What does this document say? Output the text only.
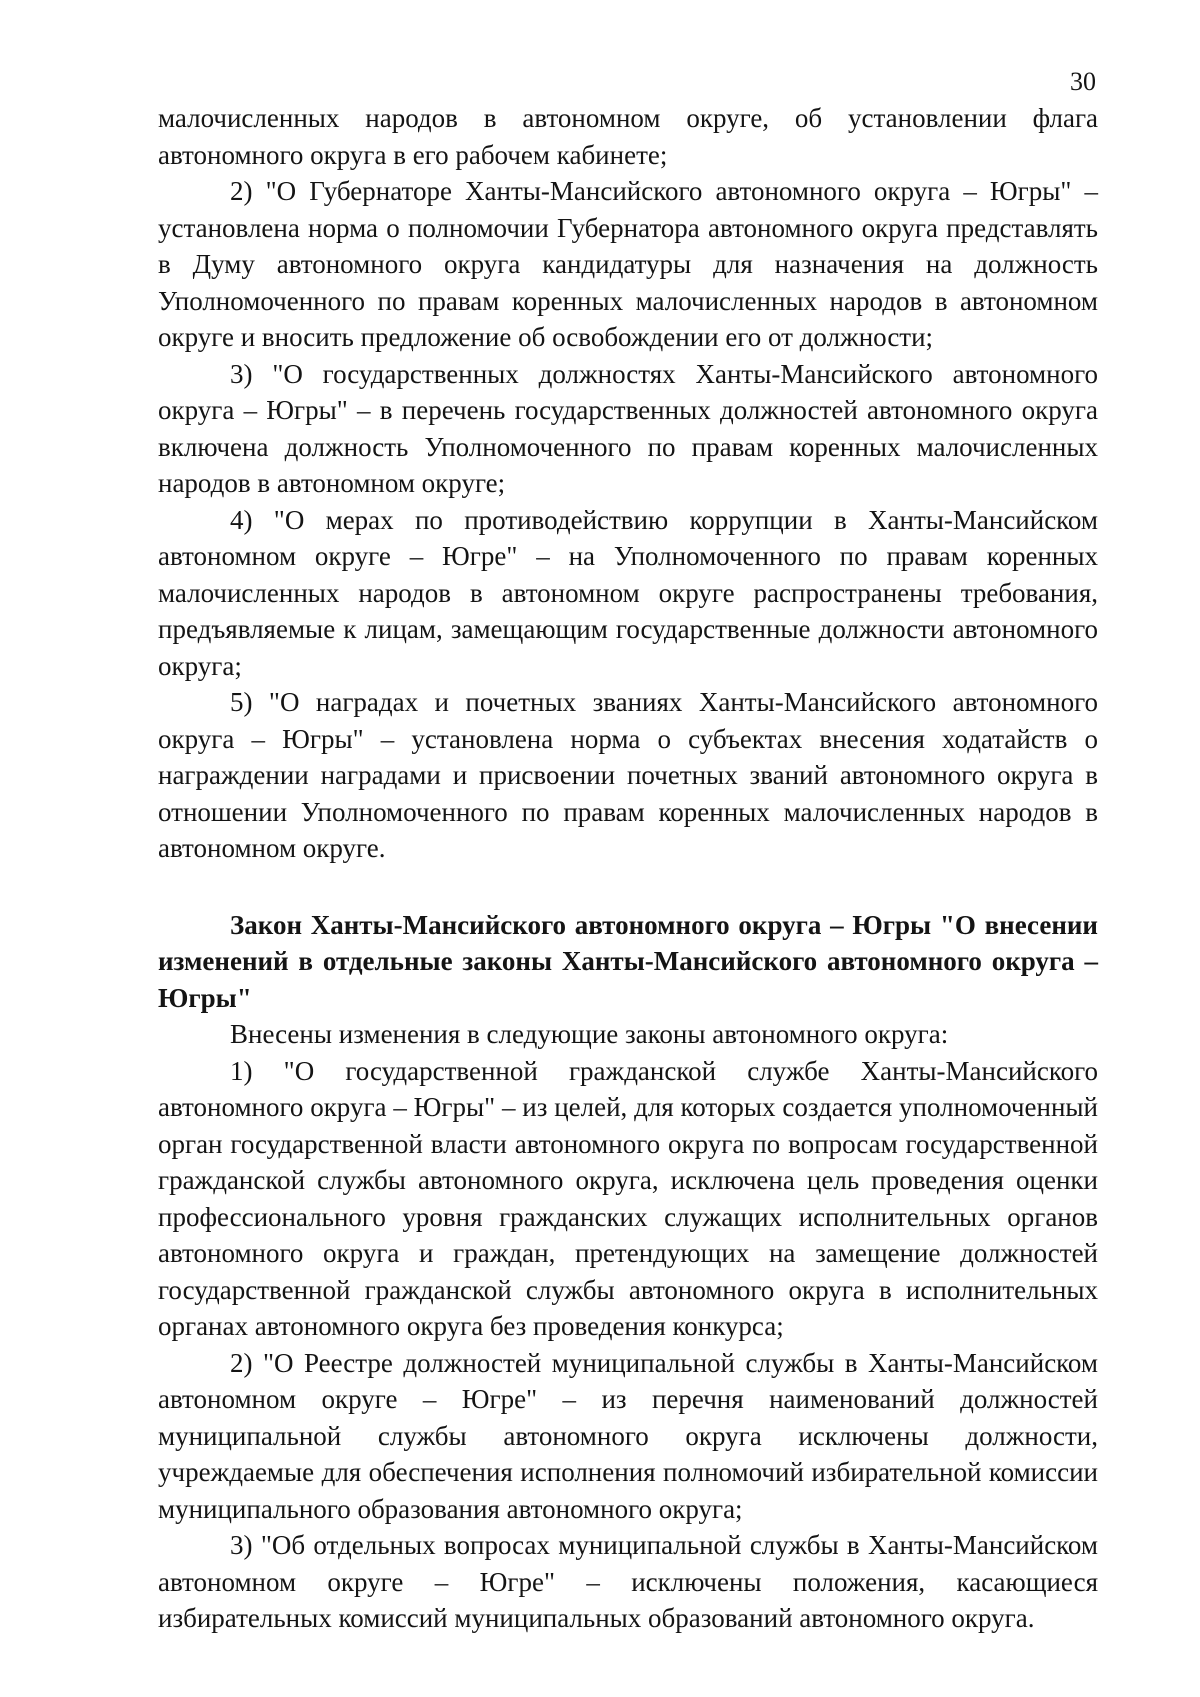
30

малочисленных народов в автономном округе, об установлении флага автономного округа в его рабочем кабинете;

2) "О Губернаторе Ханты-Мансийского автономного округа – Югры" – установлена норма о полномочии Губернатора автономного округа представлять в Думу автономного округа кандидатуры для назначения на должность Уполномоченного по правам коренных малочисленных народов в автономном округе и вносить предложение об освобождении его от должности;

3) "О государственных должностях Ханты-Мансийского автономного округа – Югры" – в перечень государственных должностей автономного округа включена должность Уполномоченного по правам коренных малочисленных народов в автономном округе;

4) "О мерах по противодействию коррупции в Ханты-Мансийском автономном округе – Югре" – на Уполномоченного по правам коренных малочисленных народов в автономном округе распространены требования, предъявляемые к лицам, замещающим государственные должности автономного округа;

5) "О наградах и почетных званиях Ханты-Мансийского автономного округа – Югры" – установлена норма о субъектах внесения ходатайств о награждении наградами и присвоении почетных званий автономного округа в отношении Уполномоченного по правам коренных малочисленных народов в автономном округе.

Закон Ханты-Мансийского автономного округа – Югры "О внесении изменений в отдельные законы Ханты-Мансийского автономного округа – Югры"

Внесены изменения в следующие законы автономного округа:

1) "О государственной гражданской службе Ханты-Мансийского автономного округа – Югры" – из целей, для которых создается уполномоченный орган государственной власти автономного округа по вопросам государственной гражданской службы автономного округа, исключена цель проведения оценки профессионального уровня гражданских служащих исполнительных органов автономного округа и граждан, претендующих на замещение должностей государственной гражданской службы автономного округа в исполнительных органах автономного округа без проведения конкурса;

2) "О Реестре должностей муниципальной службы в Ханты-Мансийском автономном округе – Югре" – из перечня наименований должностей муниципальной службы автономного округа исключены должности, учреждаемые для обеспечения исполнения полномочий избирательной комиссии муниципального образования автономного округа;

3) "Об отдельных вопросах муниципальной службы в Ханты-Мансийском автономном округе – Югре" – исключены положения, касающиеся избирательных комиссий муниципальных образований автономного округа.
